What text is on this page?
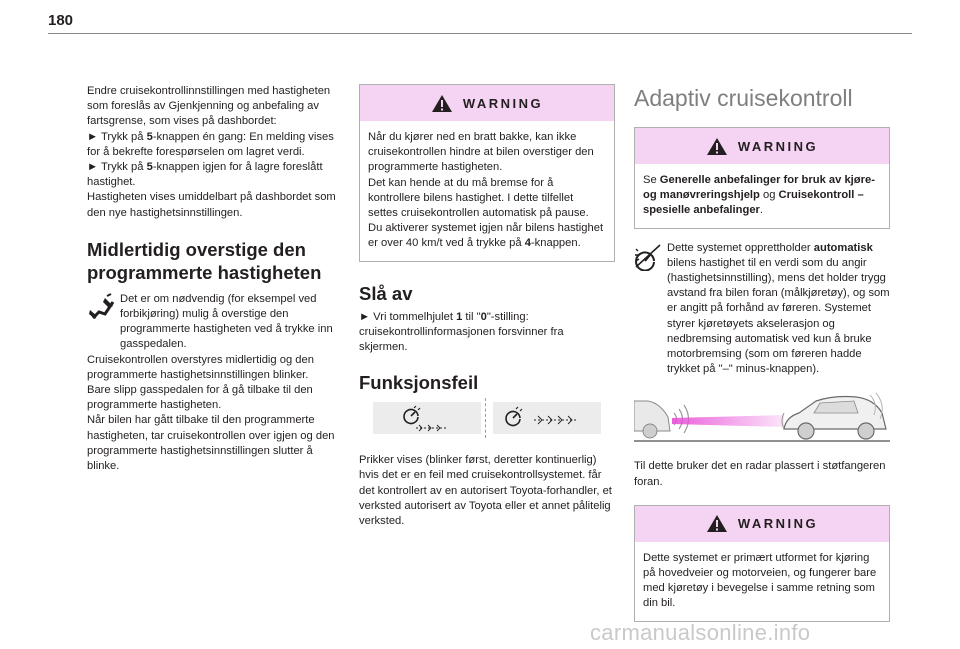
180

Endre cruisekontrollinnstillingen med hastigheten
som foreslås av Gjenkjenning og anbefaling av
fartsgrense, som vises på dashbordet:
► Trykk på 5-knappen én gang: En melding vises for å bekrefte forespørselen om lagret verdi.
► Trykk på 5-knappen igjen for å lagre foreslått hastighet.
Hastigheten vises umiddelbart på dashbordet som den nye hastighetsinnstillingen.

Midlertidig overstige den
programmerte hastigheten

Det er om nødvendig (for eksempel ved forbikjøring) mulig å overstige den programmerte hastigheten ved å trykke inn gasspedalen.

Cruisekontrollen overstyres midlertidig og den programmerte hastighetsinnstillingen blinker.

Bare slipp gasspedalen for å gå tilbake til den programmerte hastigheten.

Når bilen har gått tilbake til den programmerte hastigheten, tar cruisekontrollen over igjen og den programmerte hastighetsinnstillingen slutter å blinke.

WARNING

Når du kjører ned en bratt bakke, kan ikke cruisekontrollen hindre at bilen overstiger den programmerte hastigheten.

Det kan hende at du må bremse for å kontrollere bilens hastighet. I dette tilfellet settes cruisekontrollen automatisk på pause.

Du aktiverer systemet igjen når bilens hastighet er over 40 km/t ved å trykke på 4-knappen.

Slå av

► Vri tommelhjulet 1 til "0"-stilling: cruisekontrollinformasjonen forsvinner fra skjermen.

Funksjonsfeil

Prikker vises (blinker først, deretter kontinuerlig) hvis det er en feil med cruisekontrollsystemet. får det kontrollert av en autorisert Toyota-forhandler, et verksted autorisert av Toyota eller et annet pålitelig verksted.

Adaptiv cruisekontroll
WARNING

Se Generelle anbefalinger for bruk av kjøre- og manøvreringshjelp og Cruisekontroll – spesielle anbefalinger.

Dette systemet opprettholder automatisk bilens hastighet til en verdi som du angir (hastighetsinnstilling), mens det holder trygg avstand fra bilen foran (målkjøretøy), og som er angitt på forhånd av føreren. Systemet styrer kjøretøyets akselerasjon og nedbremsing automatisk ved kun å bruke motorbremsing (som om føreren hadde trykket på "–" minus-knappen).

Til dette bruker det en radar plassert i støtfangeren foran.

WARNING

Dette systemet er primært utformet for kjøring på hovedveier og motorveien, og fungerer bare med kjøretøy i bevegelse i samme retning som din bil.

carmanualsonline.info
